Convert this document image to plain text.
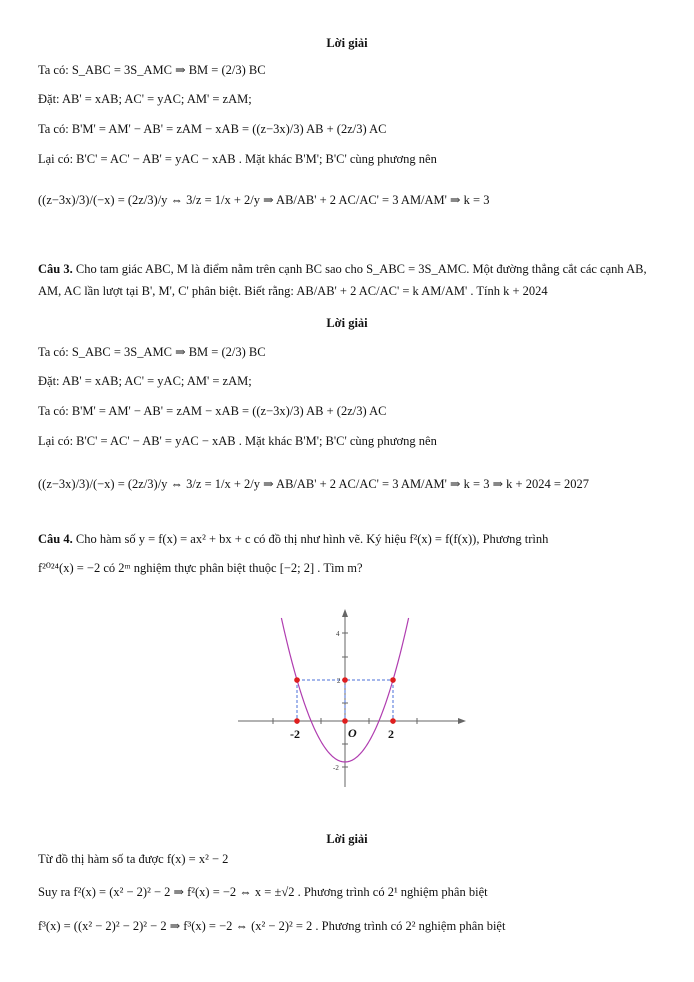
Lời giải
Ta có: S_ABC = 3S_AMC ⇒ BM = (2/3) BC
Đặt: AB' = xAB; AC' = yAC; AM' = zAM;
Ta có: B'M' = AM' − AB' = zAM − xAB = ((z−3x)/3) AB + (2z/3) AC
Lại có: B'C' = AC' − AB' = yAC − xAB . Mặt khác B'M'; B'C' cùng phương nên
((z−3x)/3)/(−x) = (2z/3)/y ⇔ 3/z = 1/x + 2/y ⇒ AB/AB' + 2 AC/AC' = 3 AM/AM' ⇒ k = 3
Câu 3. Cho tam giác ABC, M là điểm nằm trên cạnh BC sao cho S_ABC = 3S_AMC. Một đường thẳng cắt các cạnh AB, AM, AC lần lượt tại B', M', C' phân biệt. Biết rằng: AB/AB' + 2 AC/AC' = k AM/AM' . Tính k + 2024
Lời giải
Ta có: S_ABC = 3S_AMC ⇒ BM = (2/3) BC
Đặt: AB' = xAB; AC' = yAC; AM' = zAM;
Ta có: B'M' = AM' − AB' = zAM − xAB = ((z−3x)/3) AB + (2z/3) AC
Lại có: B'C' = AC' − AB' = yAC − xAB . Mặt khác B'M'; B'C' cùng phương nên
((z−3x)/3)/(−x) = (2z/3)/y ⇔ 3/z = 1/x + 2/y ⇒ AB/AB' + 2 AC/AC' = 3 AM/AM' ⇒ k = 3 ⇒ k + 2024 = 2027
Câu 4. Cho hàm số y = f(x) = ax² + bx + c có đồ thị như hình vẽ. Ký hiệu f²(x) = f(f(x)), Phương trình
f²⁰²⁴(x) = −2 có 2ᵐ nghiệm thực phân biệt thuộc [−2; 2] . Tìm m?
4
2
-2	O	2
-2
Lời giải
Từ đồ thị hàm số ta được f(x) = x² − 2
Suy ra f²(x) = (x² − 2)² − 2 ⇒ f²(x) = −2 ⇔ x = ±√2 . Phương trình có 2¹ nghiệm phân biệt
f³(x) = ((x² − 2)² − 2)² − 2 ⇒ f³(x) = −2 ⇔ (x² − 2)² = 2 . Phương trình có 2² nghiệm phân biệt
